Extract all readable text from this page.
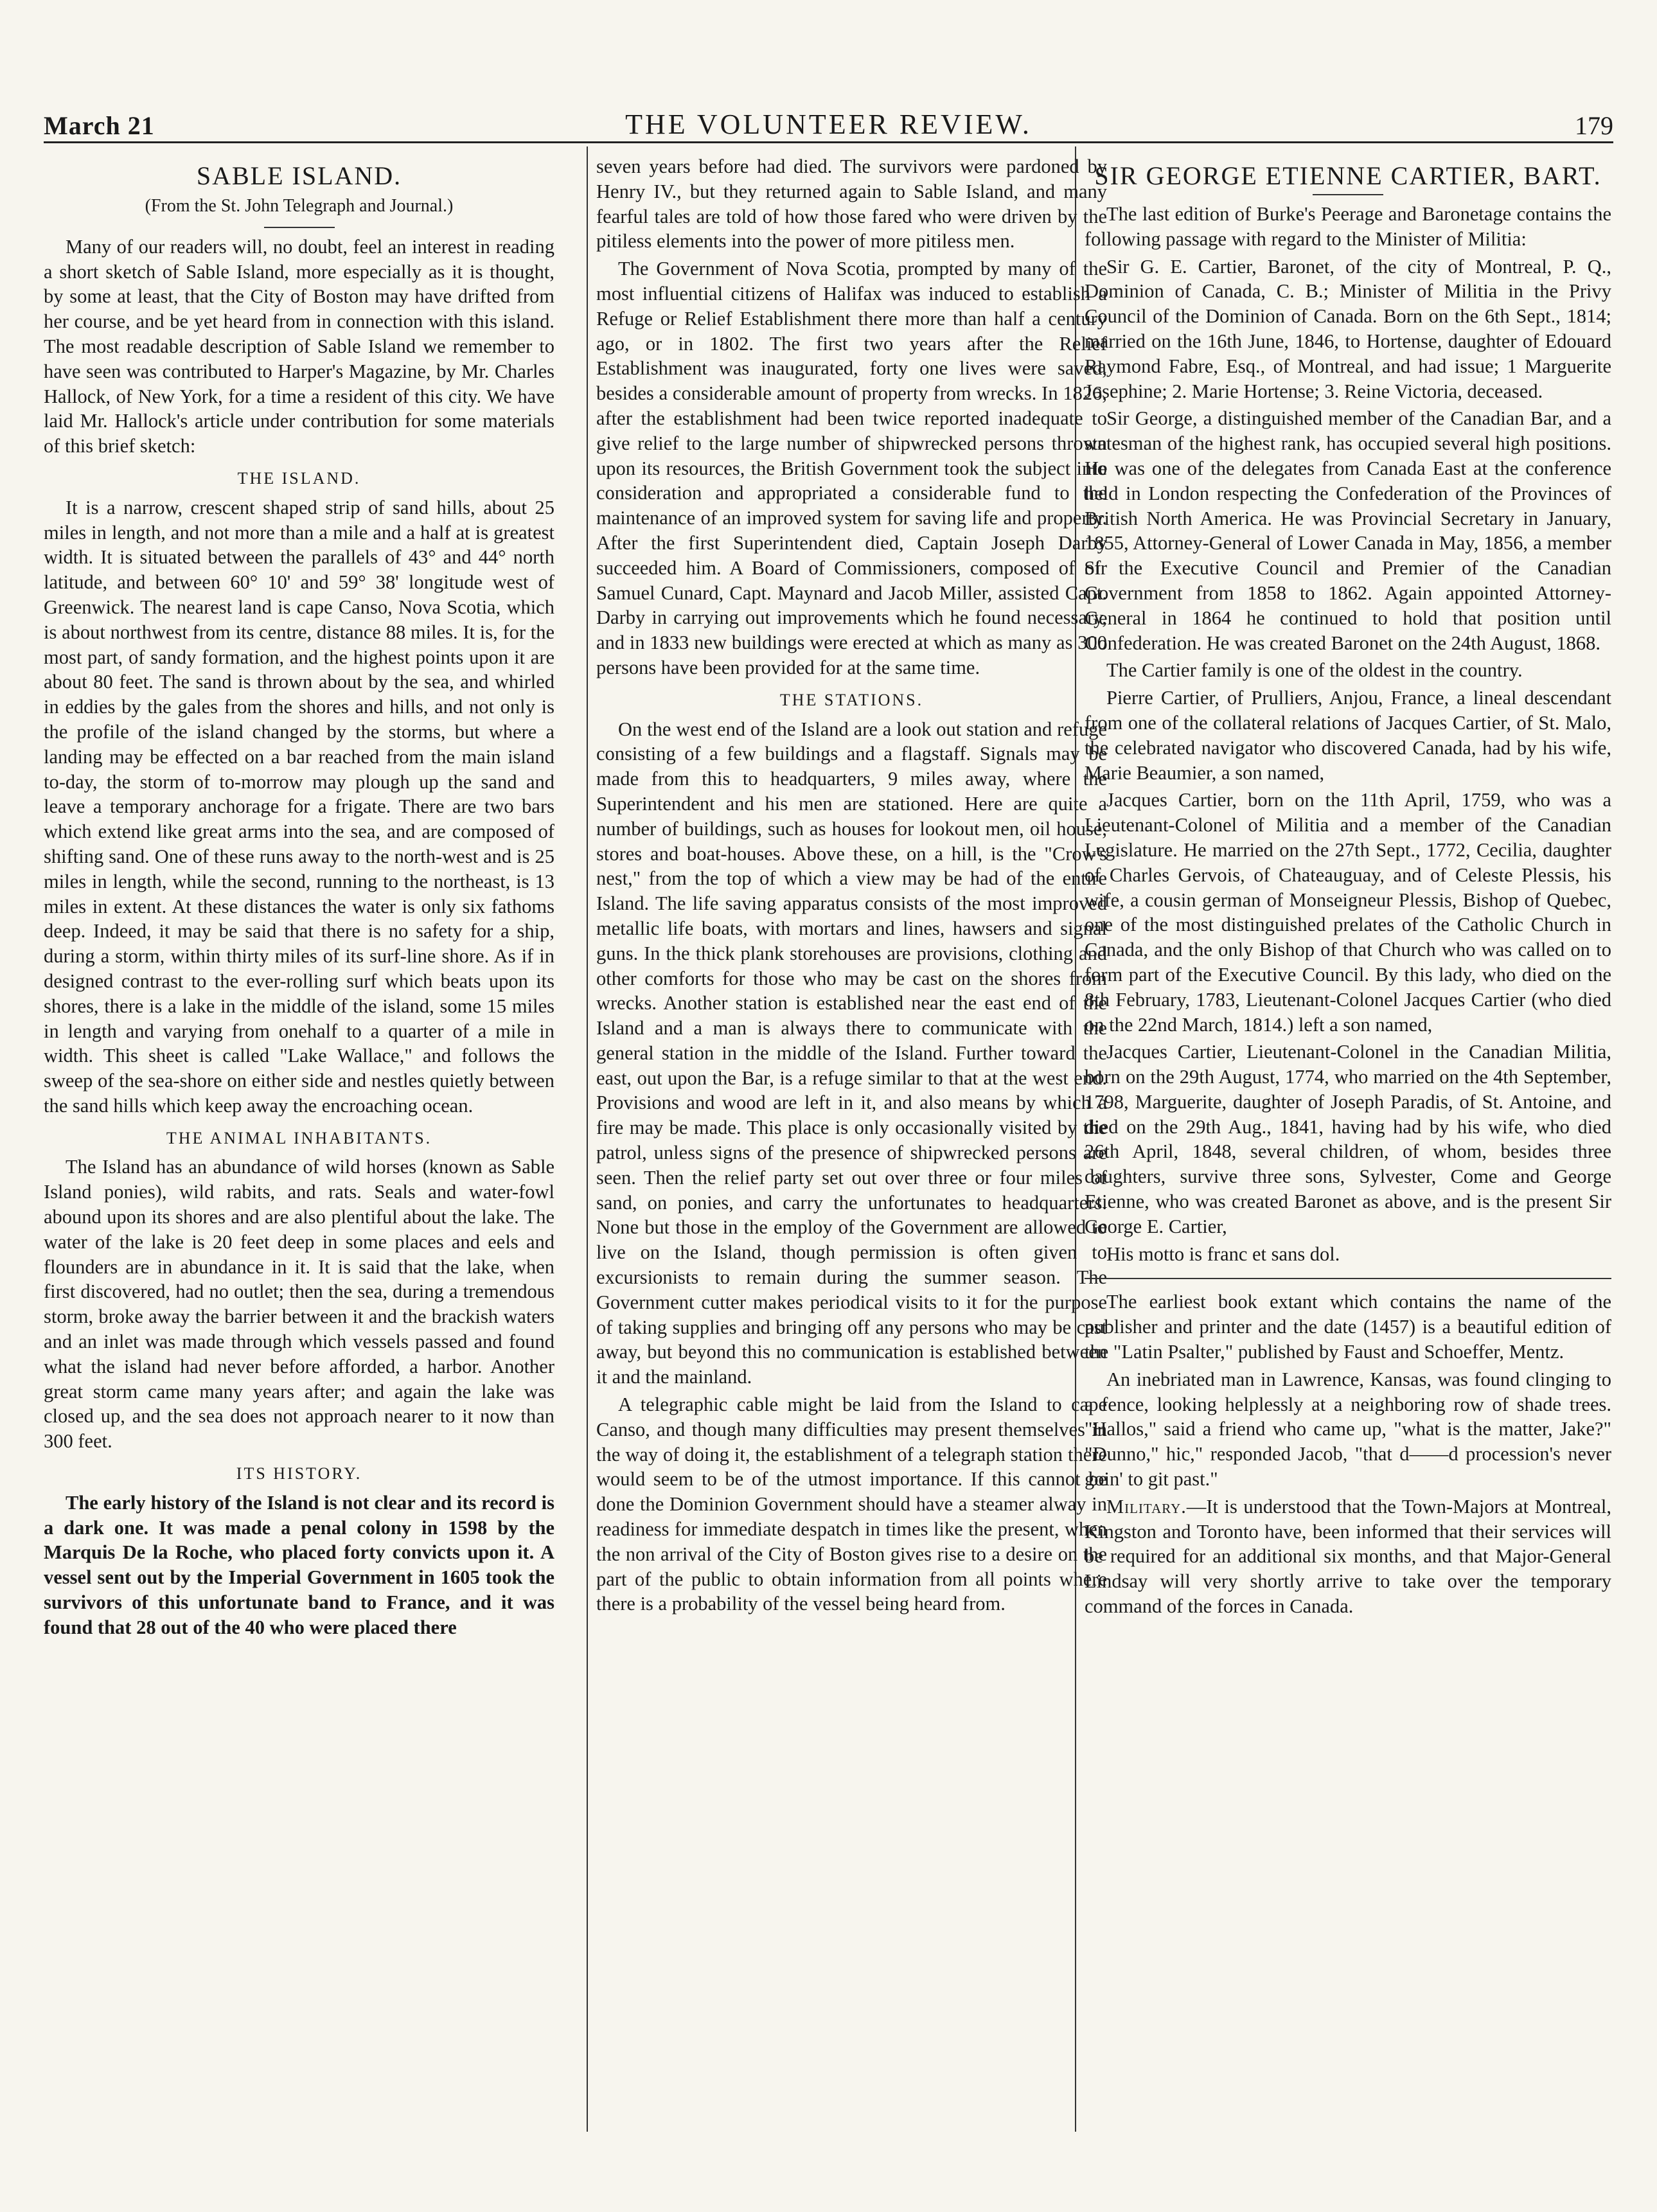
March 21	THE VOLUNTEER REVIEW.	179
SABLE ISLAND.
(From the St. John Telegraph and Journal.)

Many of our readers will, no doubt, feel an interest in reading a short sketch of Sable Island, more especially as it is thought, by some at least, that the City of Boston may have drifted from her course, and be yet heard from in connection with this island. The most readable description of Sable Island we remember to have seen was contributed to Harper's Magazine, by Mr. Charles Hallock, of New York, for a time a resident of this city. We have laid Mr. Hallock's article under contribution for some materials of this brief sketch:

THE ISLAND.

It is a narrow, crescent shaped strip of sand hills, about 25 miles in length, and not more than a mile and a half at is greatest width. It is situated between the parallels of 43° and 44° north latitude, and between 60° 10' and 59° 38' longitude west of Greenwick. The nearest land is cape Canso, Nova Scotia, which is about northwest from its centre, distance 88 miles. It is, for the most part, of sandy formation, and the highest points upon it are about 80 feet. The sand is thrown about by the sea, and whirled in eddies by the gales from the shores and hills, and not only is the profile of the island changed by the storms, but where a landing may be effected on a bar reached from the main island to-day, the storm of to-morrow may plough up the sand and leave a temporary anchorage for a frigate. There are two bars which extend like great arms into the sea, and are composed of shifting sand. One of these runs away to the north-west and is 25 miles in length, while the second, running to the northeast, is 13 miles in extent. At these distances the water is only six fathoms deep. Indeed, it may be said that there is no safety for a ship, during a storm, within thirty miles of its surf-line shore. As if in designed contrast to the ever-rolling surf which beats upon its shores, there is a lake in the middle of the island, some 15 miles in length and varying from onehalf to a quarter of a mile in width. This sheet is called "Lake Wallace," and follows the sweep of the sea-shore on either side and nestles quietly between the sand hills which keep away the encroaching ocean.

THE ANIMAL INHABITANTS.

The Island has an abundance of wild horses (known as Sable Island ponies), wild rabits, and rats. Seals and water-fowl abound upon its shores and are also plentiful about the lake. The water of the lake is 20 feet deep in some places and eels and flounders are in abundance in it. It is said that the lake, when first discovered, had no outlet; then the sea, during a tremendous storm, broke away the barrier between it and the brackish waters and an inlet was made through which vessels passed and found what the island had never before afforded, a harbor. Another great storm came many years after; and again the lake was closed up, and the sea does not approach nearer to it now than 300 feet.

ITS HISTORY.

The early history of the Island is not clear and its record is a dark one. It was made a penal colony in 1598 by the Marquis De la Roche, who placed forty convicts upon it. A vessel sent out by the Imperial Government in 1605 took the survivors of this unfortunate band to France, and it was found that 28 out of the 40 who were placed there

seven years before had died. The survivors were pardoned by Henry IV., but they returned again to Sable Island, and many fearful tales are told of how those fared who were driven by the pitiless elements into the power of more pitiless men.

The Government of Nova Scotia, prompted by many of the most influential citizens of Halifax was induced to establish a Refuge or Relief Establishment there more than half a century ago, or in 1802. The first two years after the Relief Establishment was inaugurated, forty one lives were saved, besides a considerable amount of property from wrecks. In 1826, after the establishment had been twice reported inadequate to give relief to the large number of shipwrecked persons thrown upon its resources, the British Government took the subject into consideration and appropriated a considerable fund to the maintenance of an improved system for saving life and property. After the first Superintendent died, Captain Joseph Darby succeeded him. A Board of Commissioners, composed of Sir Samuel Cunard, Capt. Maynard and Jacob Miller, assisted Capt. Darby in carrying out improvements which he found necessary, and in 1833 new buildings were erected at which as many as 300 persons have been provided for at the same time.

THE STATIONS.

On the west end of the Island are a look out station and refuge consisting of a few buildings and a flagstaff. Signals may be made from this to headquarters, 9 miles away, where the Superintendent and his men are stationed. Here are quite a number of buildings, such as houses for lookout men, oil house, stores and boat-houses. Above these, on a hill, is the "Crow's nest," from the top of which a view may be had of the entire Island. The life saving apparatus consists of the most improved metallic life boats, with mortars and lines, hawsers and signal guns. In the thick plank storehouses are provisions, clothing and other comforts for those who may be cast on the shores from wrecks. Another station is established near the east end of the Island and a man is always there to communicate with the general station in the middle of the Island. Further toward the east, out upon the Bar, is a refuge similar to that at the west end. Provisions and wood are left in it, and also means by which a fire may be made. This place is only occasionally visited by the patrol, unless signs of the presence of shipwrecked persons are seen. Then the relief party set out over three or four miles of sand, on ponies, and carry the unfortunates to headquarters. None but those in the employ of the Government are allowed to live on the Island, though permission is often given to excursionists to remain during the summer season. The Government cutter makes periodical visits to it for the purpose of taking supplies and bringing off any persons who may be cast away, but beyond this no communication is established between it and the mainland.

A telegraphic cable might be laid from the Island to cape Canso, and though many difficulties may present themselves in the way of doing it, the establishment of a telegraph station there would seem to be of the utmost importance. If this cannot be done the Dominion Government should have a steamer alway in readiness for immediate despatch in times like the present, when the non arrival of the City of Boston gives rise to a desire on the part of the public to obtain information from all points where there is a probability of the vessel being heard from.

SIR GEORGE ETIENNE CARTIER, BART.

The last edition of Burke's Peerage and Baronetage contains the following passage with regard to the Minister of Militia:

Sir G. E. Cartier, Baronet, of the city of Montreal, P. Q., Dominion of Canada, C. B.; Minister of Militia in the Privy Council of the Dominion of Canada. Born on the 6th Sept., 1814; married on the 16th June, 1846, to Hortense, daughter of Edouard Raymond Fabre, Esq., of Montreal, and had issue; 1 Marguerite Josephine; 2. Marie Hortense; 3. Reine Victoria, deceased.

Sir George, a distinguished member of the Canadian Bar, and a statesman of the highest rank, has occupied several high positions. He was one of the delegates from Canada East at the conference held in London respecting the Confederation of the Provinces of British North America. He was Provincial Secretary in January, 1855, Attorney-General of Lower Canada in May, 1856, a member of the Executive Council and Premier of the Canadian Government from 1858 to 1862. Again appointed Attorney-General in 1864 he continued to hold that position until Confederation. He was created Baronet on the 24th August, 1868.

The Cartier family is one of the oldest in the country.

Pierre Cartier, of Prulliers, Anjou, France, a lineal descendant from one of the collateral relations of Jacques Cartier, of St. Malo, the celebrated navigator who discovered Canada, had by his wife, Marie Beaumier, a son named,

Jacques Cartier, born on the 11th April, 1759, who was a Lieutenant-Colonel of Militia and a member of the Canadian Legislature. He married on the 27th Sept., 1772, Cecilia, daughter of Charles Gervois, of Chateauguay, and of Celeste Plessis, his wife, a cousin german of Monseigneur Plessis, Bishop of Quebec, one of the most distinguished prelates of the Catholic Church in Canada, and the only Bishop of that Church who was called on to form part of the Executive Council. By this lady, who died on the 8th February, 1783, Lieutenant-Colonel Jacques Cartier (who died on the 22nd March, 1814.) left a son named,

Jacques Cartier, Lieutenant-Colonel in the Canadian Militia, born on the 29th August, 1774, who married on the 4th September, 1798, Marguerite, daughter of Joseph Paradis, of St. Antoine, and died on the 29th Aug., 1841, having had by his wife, who died 26th April, 1848, several children, of whom, besides three daughters, survive three sons, Sylvester, Come and George Etienne, who was created Baronet as above, and is the present Sir George E. Cartier,

His motto is franc et sans dol.

The earliest book extant which contains the name of the publisher and printer and the date (1457) is a beautiful edition of the "Latin Psalter," published by Faust and Schoeffer, Mentz.

An inebriated man in Lawrence, Kansas, was found clinging to a fence, looking helplessly at a neighboring row of shade trees. "Hallos," said a friend who came up, "what is the matter, Jake?" "Dunno," hic," responded Jacob, "that d——d procession's never goin' to git past."

Military.—It is understood that the Town-Majors at Montreal, Kingston and Toronto have, been informed that their services will be required for an additional six months, and that Major-General Lindsay will very shortly arrive to take over the temporary command of the forces in Canada.
